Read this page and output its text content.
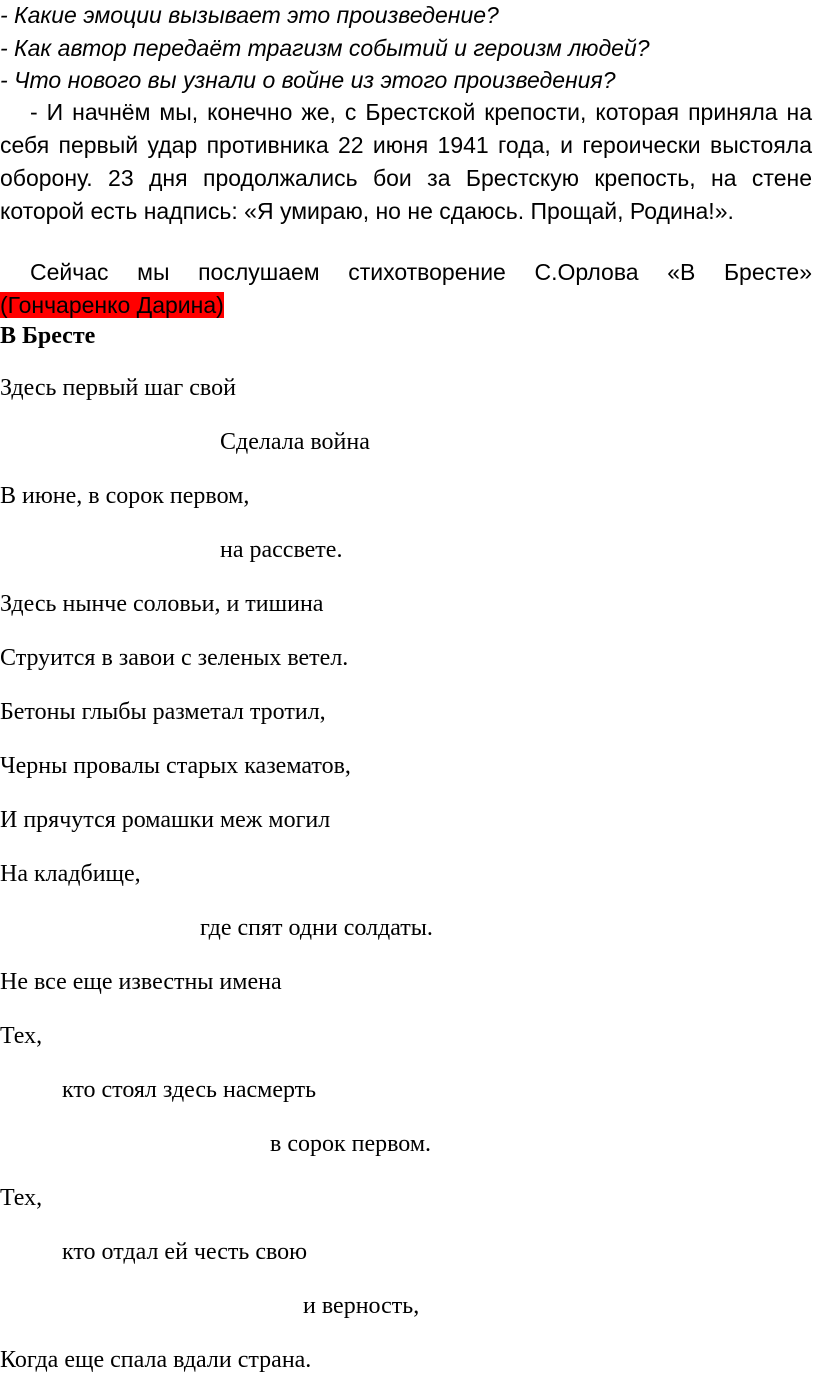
- Какие эмоции вызывает это произведение?
- Как автор передаёт трагизм событий и героизм людей?
- Что нового вы узнали о войне из этого произведения?

- И начнём мы, конечно же, с Брестской крепости, которая приняла на себя первый удар противника 22 июня 1941 года, и героически выстояла оборону. 23 дня продолжались бои за Брестскую крепость, на стене которой есть надпись: «Я умираю, но не сдаюсь. Прощай, Родина!».

Сейчас мы послушаем стихотворение С.Орлова «В Бресте» (Гончаренко Дарина)

В Бресте
Здесь первый шаг свой
Сделала война
В июне, в сорок первом,
на рассвете.
Здесь нынче соловьи, и тишина
Струится в завои с зеленых ветел.
Бетоны глыбы разметал тротил,
Черны провалы старых казематов,
И прячутся ромашки меж могил
На кладбище,
где спят одни солдаты.
Не все еще известны имена
Тех,
кто стоял здесь насмерть
в сорок первом.
Тех,
кто отдал ей честь свою
и верность,
Когда еще спала вдали страна.
